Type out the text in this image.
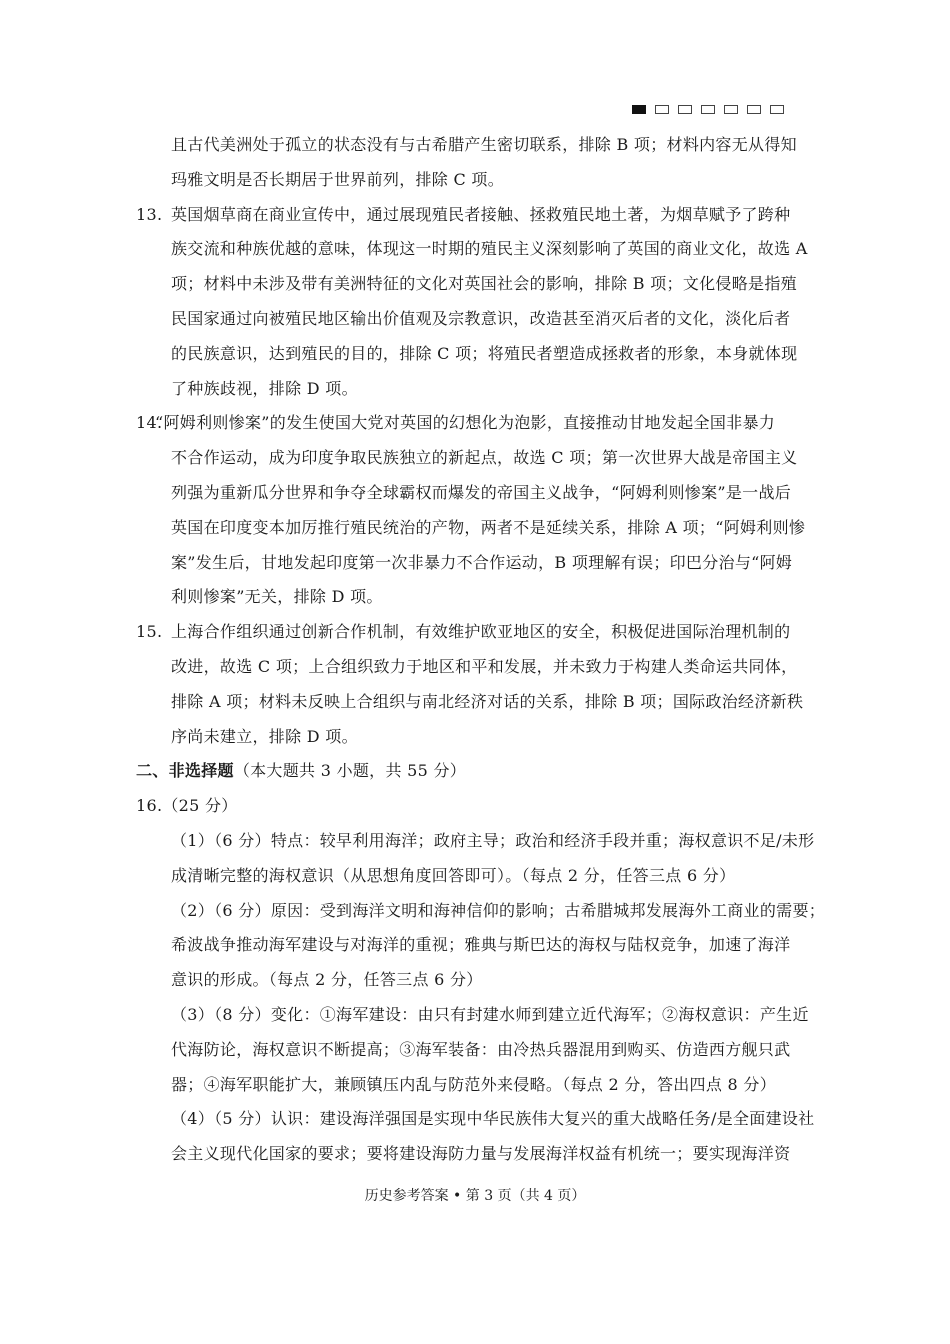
且古代美洲处于孤立的状态没有与古希腊产生密切联系，排除 B 项；材料内容无从得知
玛雅文明是否长期居于世界前列，排除 C 项。
13. 英国烟草商在商业宣传中，通过展现殖民者接触、拯救殖民地土著，为烟草赋予了跨种
族交流和种族优越的意味，体现这一时期的殖民主义深刻影响了英国的商业文化，故选 A
项；材料中未涉及带有美洲特征的文化对英国社会的影响，排除 B 项；文化侵略是指殖
民国家通过向被殖民地区输出价值观及宗教意识，改造甚至消灭后者的文化，淡化后者
的民族意识，达到殖民的目的，排除 C 项；将殖民者塑造成拯救者的形象，本身就体现
了种族歧视，排除 D 项。
14.
“阿姆利则惨案”的发生使国大党对英国的幻想化为泡影，直接推动甘地发起全国非暴力
不合作运动，成为印度争取民族独立的新起点，故选 C 项；第一次世界大战是帝国主义
列强为重新瓜分世界和争夺全球霸权而爆发的帝国主义战争，“阿姆利则惨案”是一战后
英国在印度变本加厉推行殖民统治的产物，两者不是延续关系，排除 A 项；“阿姆利则惨
案”发生后，甘地发起印度第一次非暴力不合作运动，B 项理解有误；印巴分治与“阿姆
利则惨案”无关，排除 D 项。
15. 上海合作组织通过创新合作机制，有效维护欧亚地区的安全，积极促进国际治理机制的
改进，故选 C 项；上合组织致力于地区和平和发展，并未致力于构建人类命运共同体，
排除 A 项；材料未反映上合组织与南北经济对话的关系，排除 B 项；国际政治经济新秩
序尚未建立，排除 D 项。
二、非选择题（本大题共 3 小题，共 55 分）
16.（25 分）
（1）（6 分）特点：较早利用海洋；政府主导；政治和经济手段并重；海权意识不足/未形
成清晰完整的海权意识（从思想角度回答即可）。（每点 2 分，任答三点 6 分）
（2）（6 分）原因：受到海洋文明和海神信仰的影响；古希腊城邦发展海外工商业的需要；
希波战争推动海军建设与对海洋的重视；雅典与斯巴达的海权与陆权竞争，加速了海洋
意识的形成。（每点 2 分，任答三点 6 分）
（3）（8 分）变化：①海军建设：由只有封建水师到建立近代海军；②海权意识：产生近
代海防论，海权意识不断提高；③海军装备：由冷热兵器混用到购买、仿造西方舰只武
器；④海军职能扩大，兼顾镇压内乱与防范外来侵略。（每点 2 分，答出四点 8 分）
（4）（5 分）认识：建设海洋强国是实现中华民族伟大复兴的重大战略任务/是全面建设社
会主义现代化国家的要求；要将建设海防力量与发展海洋权益有机统一；要实现海洋资
历史参考答案 • 第 3 页（共 4 页）
